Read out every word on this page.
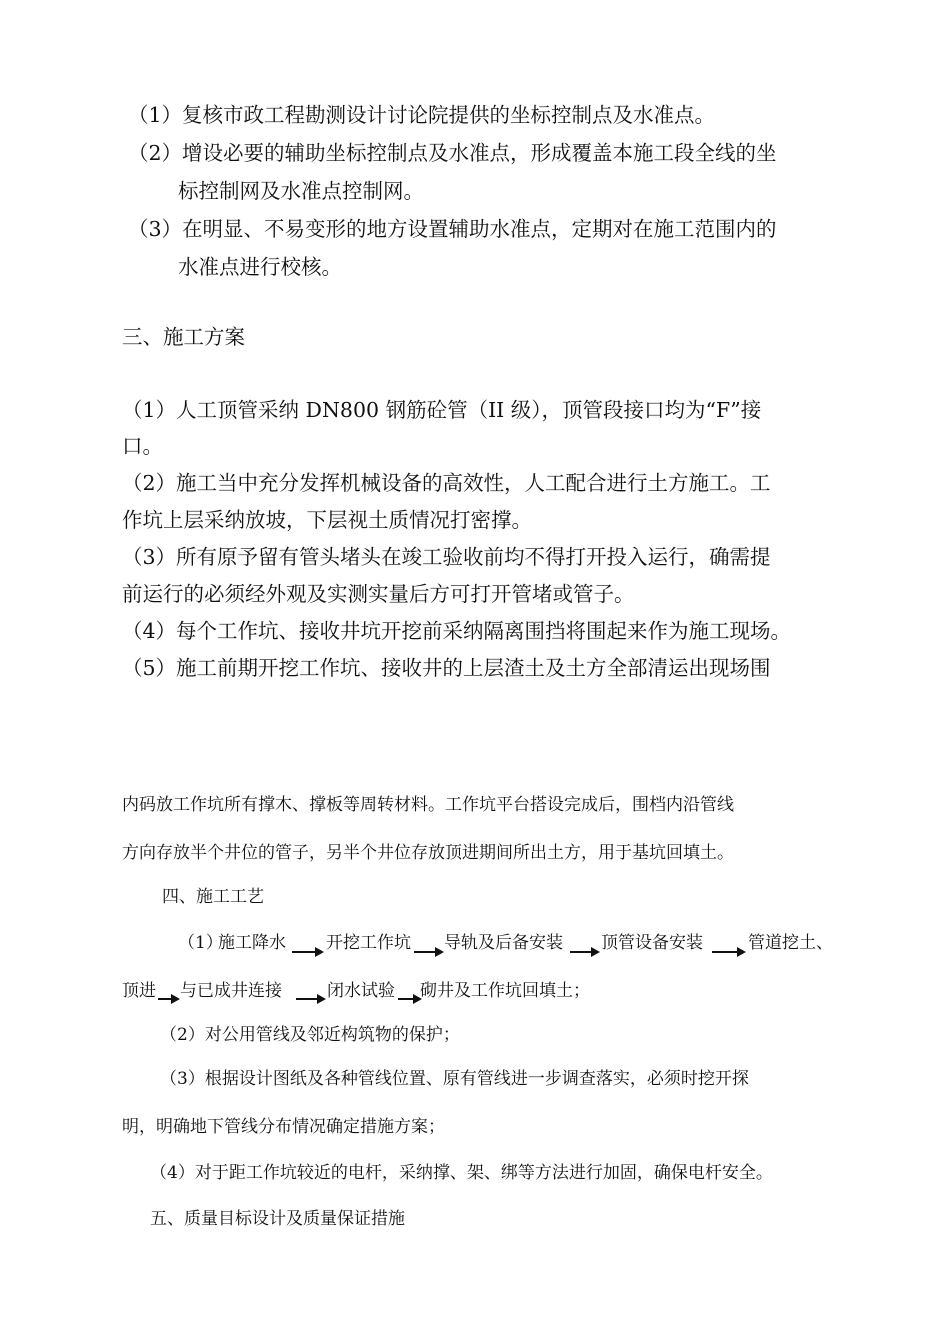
（1）复核市政工程勘测设计讨论院提供的坐标控制点及水准点。
（2）增设必要的辅助坐标控制点及水准点，形成覆盖本施工段全线的坐
标控制网及水准点控制网。
（3）在明显、不易变形的地方设置辅助水准点，定期对在施工范围内的
水准点进行校核。
三、施工方案
（1）人工顶管采纳 DN800 钢筋砼管（II 级），顶管段接口均为“F”接
口。
（2）施工当中充分发挥机械设备的高效性，人工配合进行土方施工。工
作坑上层采纳放坡，下层视土质情况打密撑。
（3）所有原予留有管头堵头在竣工验收前均不得打开投入运行，确需提
前运行的必须经外观及实测实量后方可打开管堵或管子。
（4）每个工作坑、接收井坑开挖前采纳隔离围挡将围起来作为施工现场。
（5）施工前期开挖工作坑、接收井的上层渣土及土方全部清运出现场围
内码放工作坑所有撑木、撑板等周转材料。工作坑平台搭设完成后，围档内沿管线
方向存放半个井位的管子，另半个井位存放顶进期间所出土方，用于基坑回填土。
四、施工工艺
（1）
施工降水 开挖工作坑 导轨及后备安装 顶管设备安装	管道挖土、
顶进 与已成井连接	闭水试验 砌井及工作坑回填土；
（2）对公用管线及邻近构筑物的保护；
（3）根据设计图纸及各种管线位置、原有管线进一步调查落实，必须时挖开探
明，明确地下管线分布情况确定措施方案；
（4）对于距工作坑较近的电杆，采纳撑、架、绑等方法进行加固，确保电杆安全。
五、质量目标设计及质量保证措施
